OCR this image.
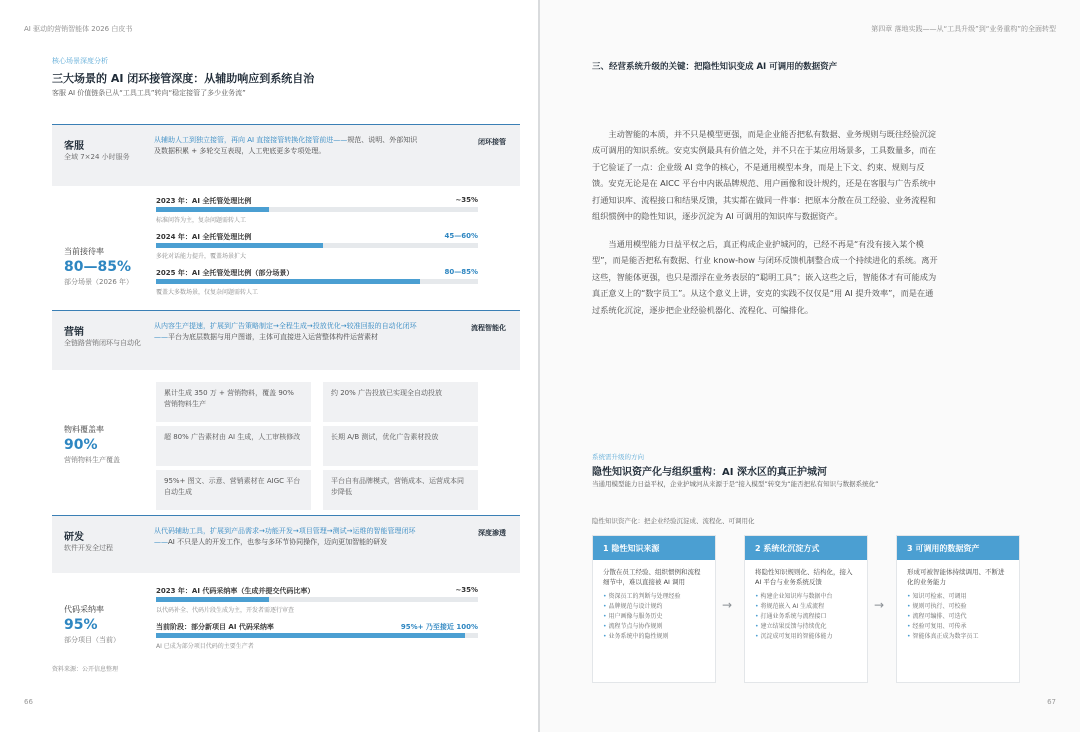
AI 驱动的营销智能体 2026 白皮书
核心场景深度分析
三大场景的 AI 闭环接管深度：从辅助响应到系统自治
客服 AI 价值链条已从“工具工具”转向“稳定接管了多少业务流”
客服
全域 7×24 小时服务
从辅助人工到独立接管，再向 AI 直接接管转换化接管前进——规范、说明、外部知识及数据积累 + 多轮交互表现，人工兜底更多专项处理。
闭环接管
当前接待率
80—85%
部分场景（2026 年）
2023 年：AI 全托管处理比例	~35%
标准问答为主，复杂问题需转人工
2024 年：AI 全托管处理比例	45—60%
多轮对话能力提升，覆盖场景扩大
2025 年：AI 全托管处理比例（部分场景）	80—85%
覆盖大多数场景，仅复杂问题需转人工
营销
全链路营销闭环与自动化
从内容生产提速，扩展到广告策略制定→全程生成→投放优化→较准回报的自动化闭环——平台为底层数据与用户图谱，主体可直接进入运营整体构件运营素材
流程智能化
物料覆盖率
90%
营销物料生产覆盖
累计生成 350 万 + 营销物料，覆盖 90% 营销物料生产
约 20% 广告投放已实现全自动投放
超 80% 广告素材由 AI 生成，人工审核修改	长期 A/B 测试，优化广告素材投放
95%+ 图文、示意、营销素材在 AIGC 平台自动生成
平台自有品牌模式，营销成本、运营成本同步降低
研发
软件开发全过程
从代码辅助工具，扩展到产品需求→功能开发→项目管理→测试→运维的智能管理闭环——AI 不只是人的开发工作，也参与多环节协同操作，迈向更加智能的研发
深度渗透
代码采纳率
95%
部分项目（当前）
2023 年：AI 代码采纳率（生成并提交代码比率）	~35%
以代码补全、代码片段生成为主，开发者需逐行审查
当前阶段：部分新项目 AI 代码采纳率	95%+ 乃至接近 100%
AI 已成为部分项目代码的主要生产者
资料来源：公开信息整理
66
第四章 落地实践——从“工具升级”到“业务重构”的全面转型
67
三、经营系统升级的关键：把隐性知识变成 AI 可调用的数据资产
主动智能的本质，并不只是模型更强，而是企业能否把私有数据、业务规则与既往经验沉淀成可调用的知识系统。安克实例最具有价值之处，并不只在于某应用场景多，工具数量多，而在于它验证了一点：企业级 AI 竞争的核心，不是通用模型本身，而是上下文、约束、规则与反馈。安克无论是在 AICC 平台中内嵌品牌规范、用户画像和设计规约，还是在客服与广告系统中打通知识库、流程接口和结果反馈，其实都在做同一件事：把原本分散在员工经验、业务流程和组织惯例中的隐性知识，逐步沉淀为 AI 可调用的知识库与数据资产。
当通用模型能力日益平权之后，真正构成企业护城河的，已经不再是“有没有接入某个模型”，而是能否把私有数据、行业 know-how 与闭环反馈机制整合成一个持续进化的系统。离开这些，智能体更强，也只是漂浮在业务表层的“聪明工具”；嵌入这些之后，智能体才有可能成为真正意义上的“数字员工”。从这个意义上讲，安克的实践不仅仅是“用 AI 提升效率”，而是在通过系统化沉淀，逐步把企业经验机器化、流程化、可编排化。
系统需升级的方向
隐性知识资产化与组织重构：AI 深水区的真正护城河
当通用模型能力日益平权，企业护城河从来源于是“接入模型”转变为“能否把私有知识与数据系统化”
隐性知识资产化：把企业经验沉淀成、流程化、可调用化
1 隐性知识来源
分散在员工经验、组织惯例和流程细节中，难以直接被 AI 调用
• 资深员工的判断与处理经验
• 品牌规范与设计规约
• 用户画像与服务历史
• 流程节点与协作规则
• 业务系统中的隐性规则
→
2 系统化沉淀方式
将隐性知识规则化、结构化，接入 AI 平台与业务系统反馈
• 构建企业知识库与数据中台
• 将规范嵌入 AI 生成流程
• 打通业务系统与流程接口
• 建立结果反馈与持续优化
• 沉淀成可复用的智能体能力
→
3 可调用的数据资产
形成可被智能体持续调用、不断进化的业务能力
• 知识可检索、可调用
• 规则可执行、可校验
• 流程可编排、可迭代
• 经验可复用、可传承
• 智能体真正成为数字员工
